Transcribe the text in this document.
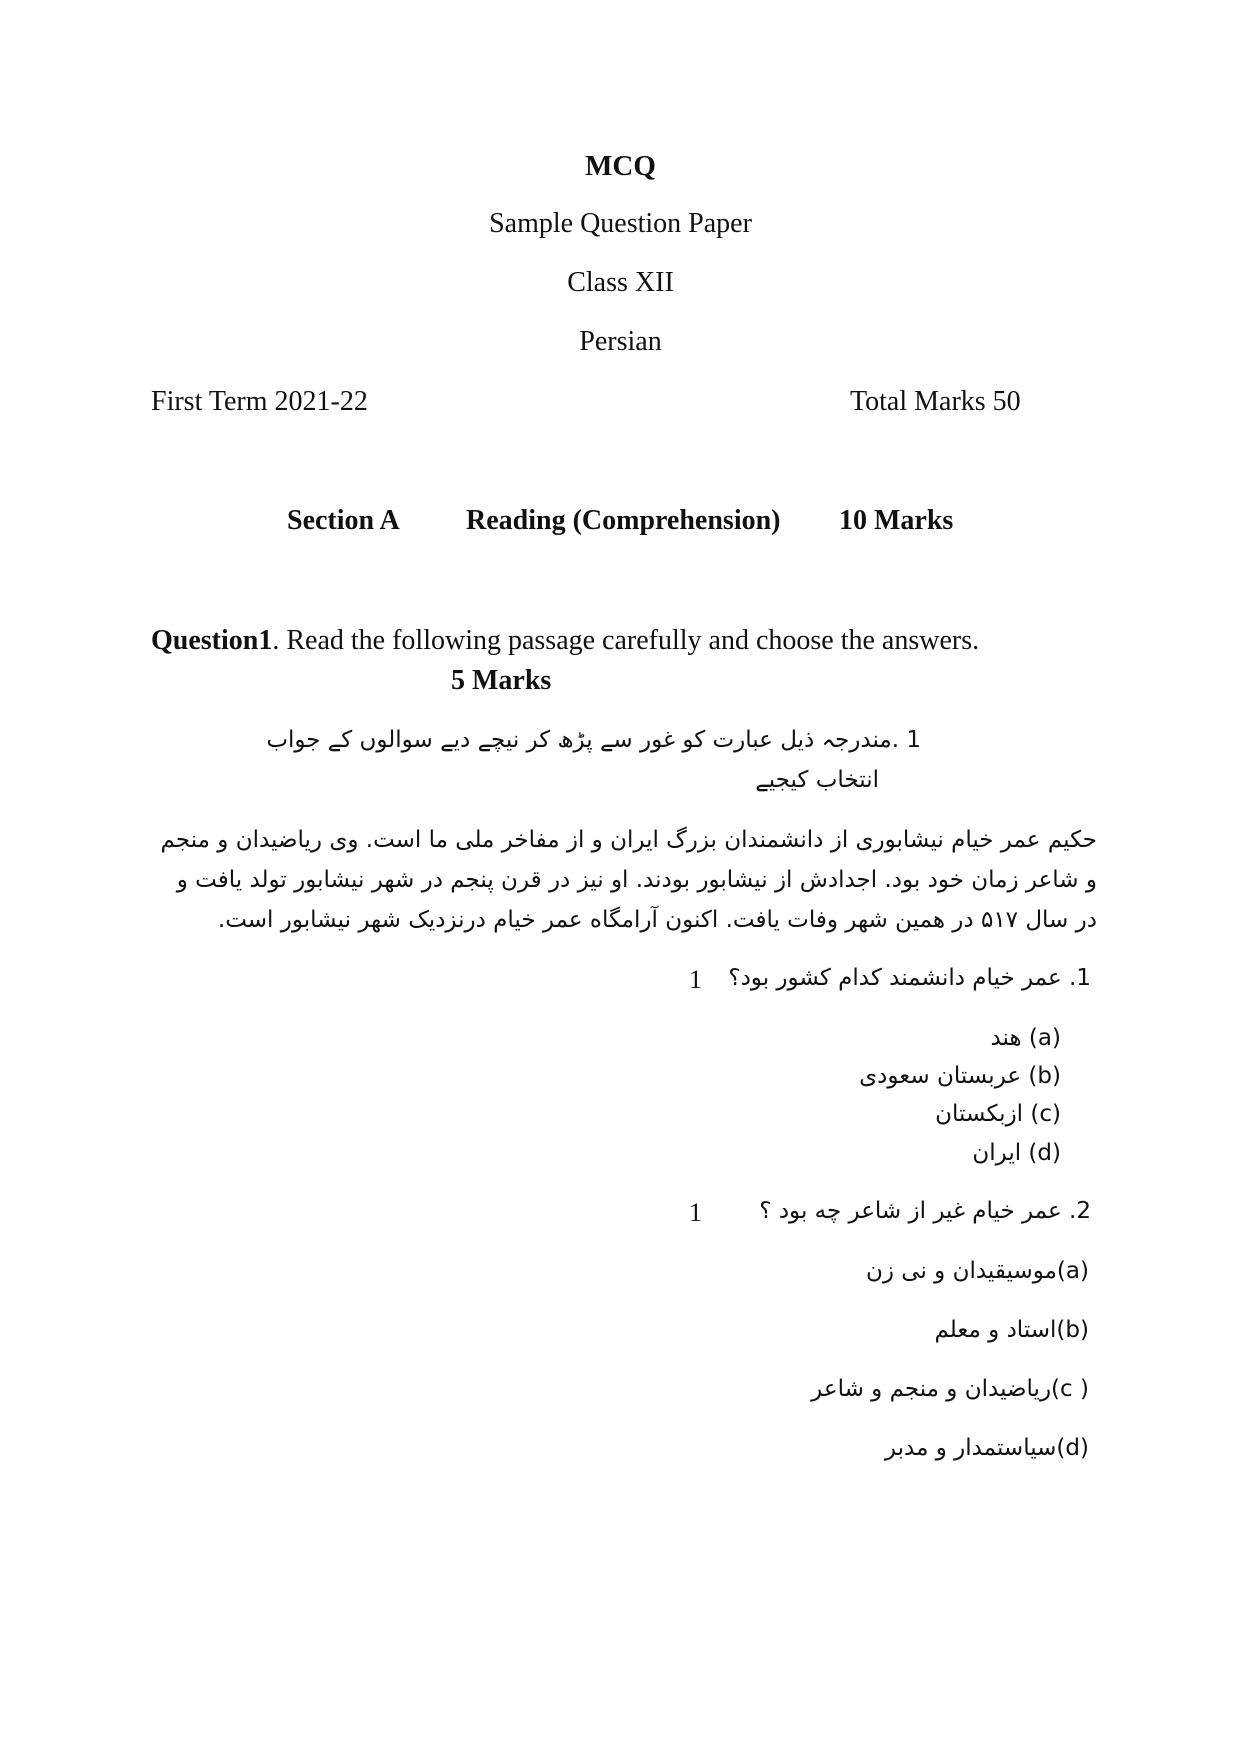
MCQ
Sample Question Paper
Class XII
Persian
First Term 2021-22	Total Marks 50
Section A Reading (Comprehension) 10 Marks
Question1. Read the following passage carefully and choose the answers.
5 Marks
1 .مندرجہ ذیل عبارت کو غور سے پڑھ کر نیچے دیے سوالوں کے جواب
انتخاب کیجیے
حکیم عمر خیام نیشابوری از دانشمندان بزرگ ایران و از مفاخر ملی ما است. وی ریاضیدان و منجم
و شاعر زمان خود بود. اجدادش از نیشابور بودند. او نیز در قرن پنجم در شهر نیشابور تولد یافت و
در سال ۵۱۷ در همین شهر وفات یافت. اکنون آرامگاه عمر خیام درنزدیک شهر نیشابور است.
1. عمر خیام دانشمند کدام کشور بود؟
1
(a) هند
(b) عربستان سعودی
(c) ازبکستان
(d) ایران
2. عمر خیام غیر از شاعر چه بود ؟
1
(a)موسیقیدان و نی زن
(b)استاد و معلم
( c)ریاضیدان و منجم و شاعر
(d)سیاستمدار و مدبر
